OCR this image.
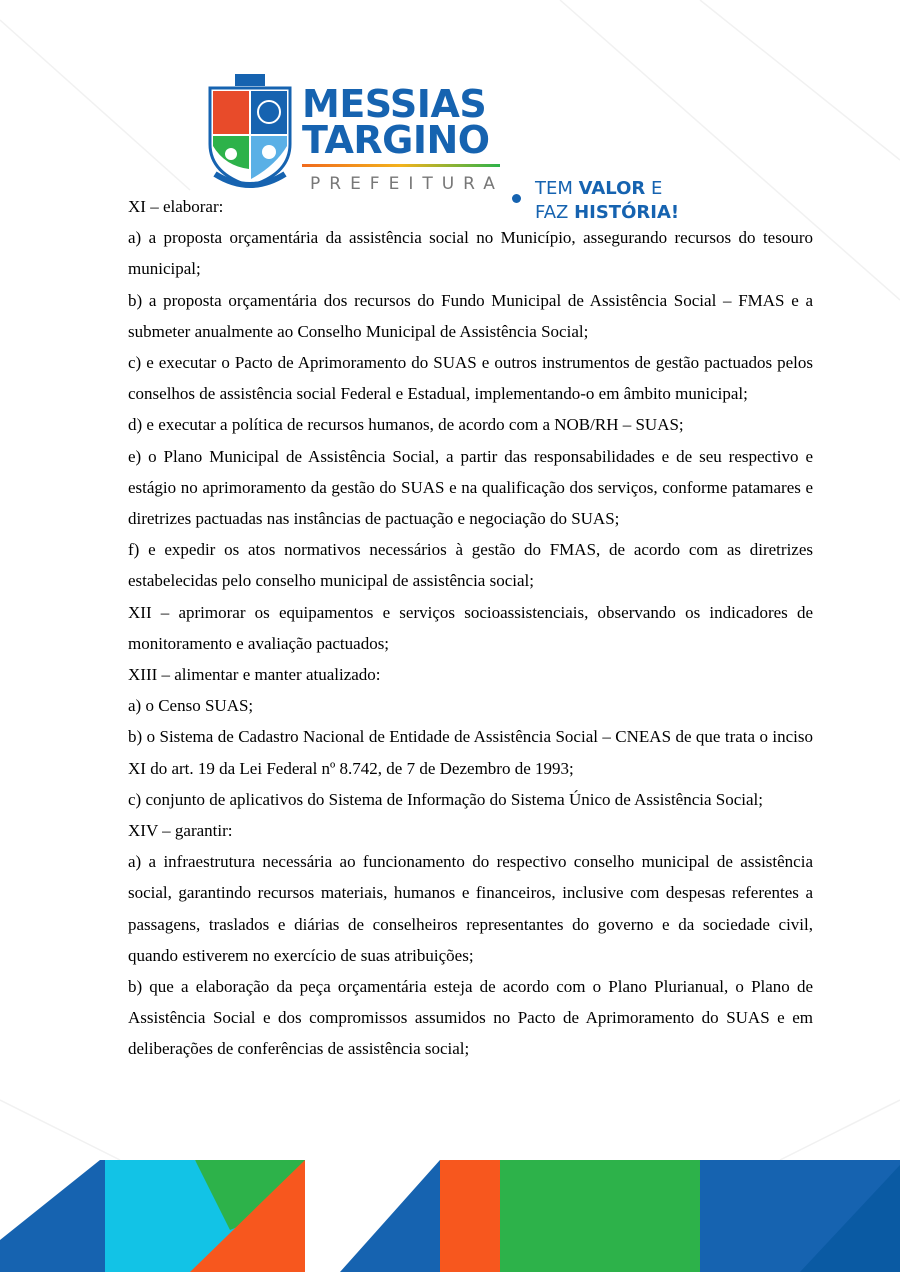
MESSIAS
TARGINO
PREFEITURA	TEM VALOR E
FAZ HISTÓRIA!

XI – elaborar:

a) a proposta orçamentária da assistência social no Município, assegurando recursos do tesouro municipal;

b) a proposta orçamentária dos recursos do Fundo Municipal de Assistência Social – FMAS e a submeter anualmente ao Conselho Municipal de Assistência Social;

c) e executar o Pacto de Aprimoramento do SUAS e outros instrumentos de gestão pactuados pelos conselhos de assistência social Federal e Estadual, implementando-o em âmbito municipal;

d) e executar a política de recursos humanos, de acordo com a NOB/RH – SUAS;

e) o Plano Municipal de Assistência Social, a partir das responsabilidades e de seu respectivo e estágio no aprimoramento da gestão do SUAS e na qualificação dos serviços, conforme patamares e diretrizes pactuadas nas instâncias de pactuação e negociação do SUAS;

f) e expedir os atos normativos necessários à gestão do FMAS, de acordo com as diretrizes estabelecidas pelo conselho municipal de assistência social;

XII – aprimorar os equipamentos e serviços socioassistenciais, observando os indicadores de monitoramento e avaliação pactuados;

XIII – alimentar e manter atualizado:

a) o Censo SUAS;

b) o Sistema de Cadastro Nacional de Entidade de Assistência Social – CNEAS de que trata o inciso XI do art. 19 da Lei Federal nº 8.742, de 7 de Dezembro de 1993;

c) conjunto de aplicativos do Sistema de Informação do Sistema Único de Assistência Social;

XIV – garantir:

a) a infraestrutura necessária ao funcionamento do respectivo conselho municipal de assistência social, garantindo recursos materiais, humanos e financeiros, inclusive com despesas referentes a passagens, traslados e diárias de conselheiros representantes do governo e da sociedade civil, quando estiverem no exercício de suas atribuições;

b) que a elaboração da peça orçamentária esteja de acordo com o Plano Plurianual, o Plano de Assistência Social e dos compromissos assumidos no Pacto de Aprimoramento do SUAS e em deliberações de conferências de assistência social;
